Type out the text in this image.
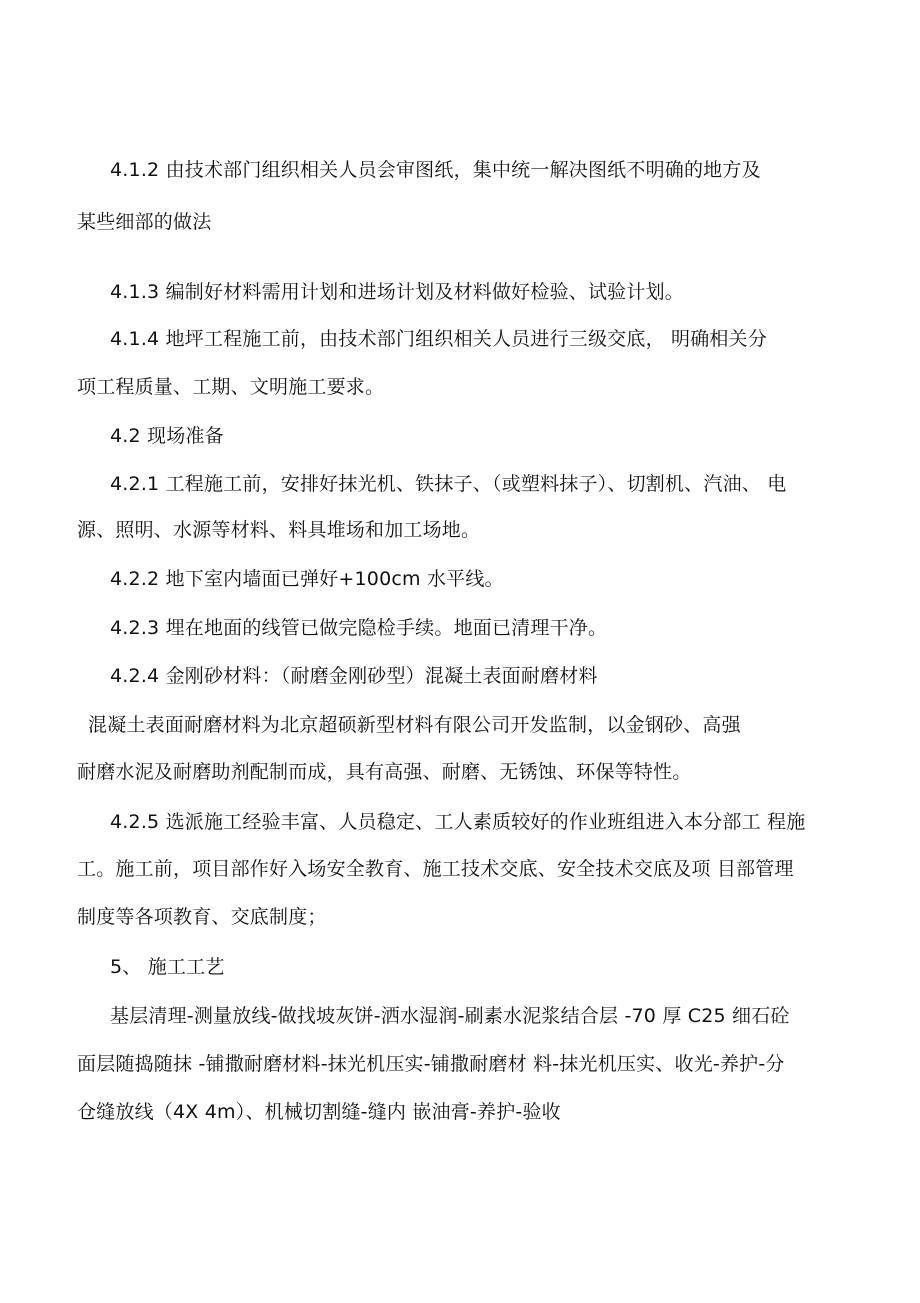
4.1.2 由技术部门组织相关人员会审图纸，集中统一解决图纸不明确的地方及
某些细部的做法
4.1.3 编制好材料需用计划和进场计划及材料做好检验、试验计划。
4.1.4 地坪工程施工前，由技术部门组织相关人员进行三级交底， 明确相关分
项工程质量、工期、文明施工要求。
4.2 现场准备
4.2.1 工程施工前，安排好抹光机、铁抹子、（或塑料抹子）、切割机、汽油、 电
源、照明、水源等材料、料具堆场和加工场地。
4.2.2 地下室内墙面已弹好+100cm 水平线。
4.2.3 埋在地面的线管已做完隐检手续。地面已清理干净。
4.2.4 金刚砂材料：（耐磨金刚砂型）混凝土表面耐磨材料
混凝土表面耐磨材料为北京超硕新型材料有限公司开发监制，以金钢砂、高强
耐磨水泥及耐磨助剂配制而成，具有高强、耐磨、无锈蚀、环保等特性。
4.2.5 选派施工经验丰富、人员稳定、工人素质较好的作业班组进入本分部工 程施
工。施工前，项目部作好入场安全教育、施工技术交底、安全技术交底及项 目部管理
制度等各项教育、交底制度；
5、 施工工艺
基层清理-测量放线-做找坡灰饼-洒水湿润-刷素水泥浆结合层 -70 厚 C25 细石砼
面层随捣随抹 -铺撒耐磨材料-抹光机压实-铺撒耐磨材 料-抹光机压实、收光-养护-分
仓缝放线（4X 4m）、机械切割缝-缝内 嵌油膏-养护-验收
